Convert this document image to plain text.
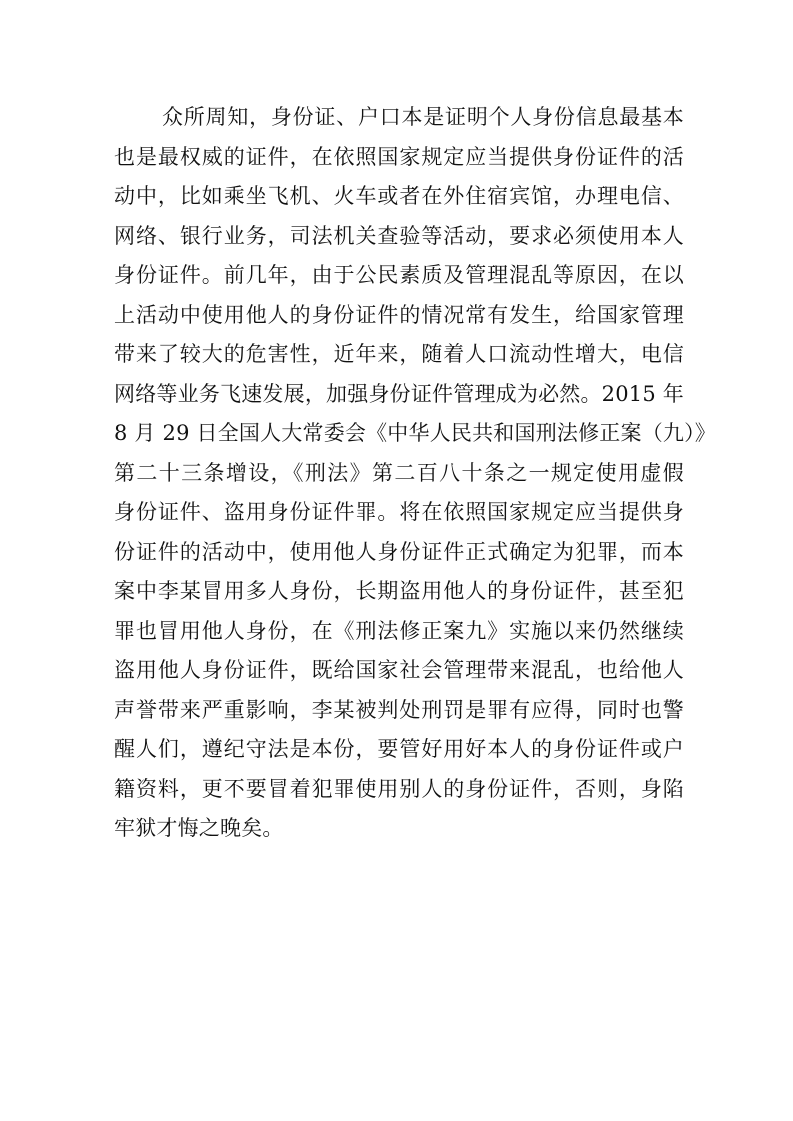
众所周知，身份证、户口本是证明个人身份信息最基本
也是最权威的证件，在依照国家规定应当提供身份证件的活
动中，比如乘坐飞机、火车或者在外住宿宾馆，办理电信、
网络、银行业务，司法机关查验等活动，要求必须使用本人
身份证件。前几年，由于公民素质及管理混乱等原因，在以
上活动中使用他人的身份证件的情况常有发生，给国家管理
带来了较大的危害性，近年来，随着人口流动性增大，电信
网络等业务飞速发展，加强身份证件管理成为必然。2015 年
8 月 29 日全国人大常委会《中华人民共和国刑法修正案（九）》
第二十三条增设，《刑法》第二百八十条之一规定使用虚假
身份证件、盗用身份证件罪。将在依照国家规定应当提供身
份证件的活动中，使用他人身份证件正式确定为犯罪，而本
案中李某冒用多人身份，长期盗用他人的身份证件，甚至犯
罪也冒用他人身份，在《刑法修正案九》实施以来仍然继续
盗用他人身份证件，既给国家社会管理带来混乱，也给他人
声誉带来严重影响，李某被判处刑罚是罪有应得，同时也警
醒人们，遵纪守法是本份，要管好用好本人的身份证件或户
籍资料，更不要冒着犯罪使用别人的身份证件，否则，身陷
牢狱才悔之晚矣。
